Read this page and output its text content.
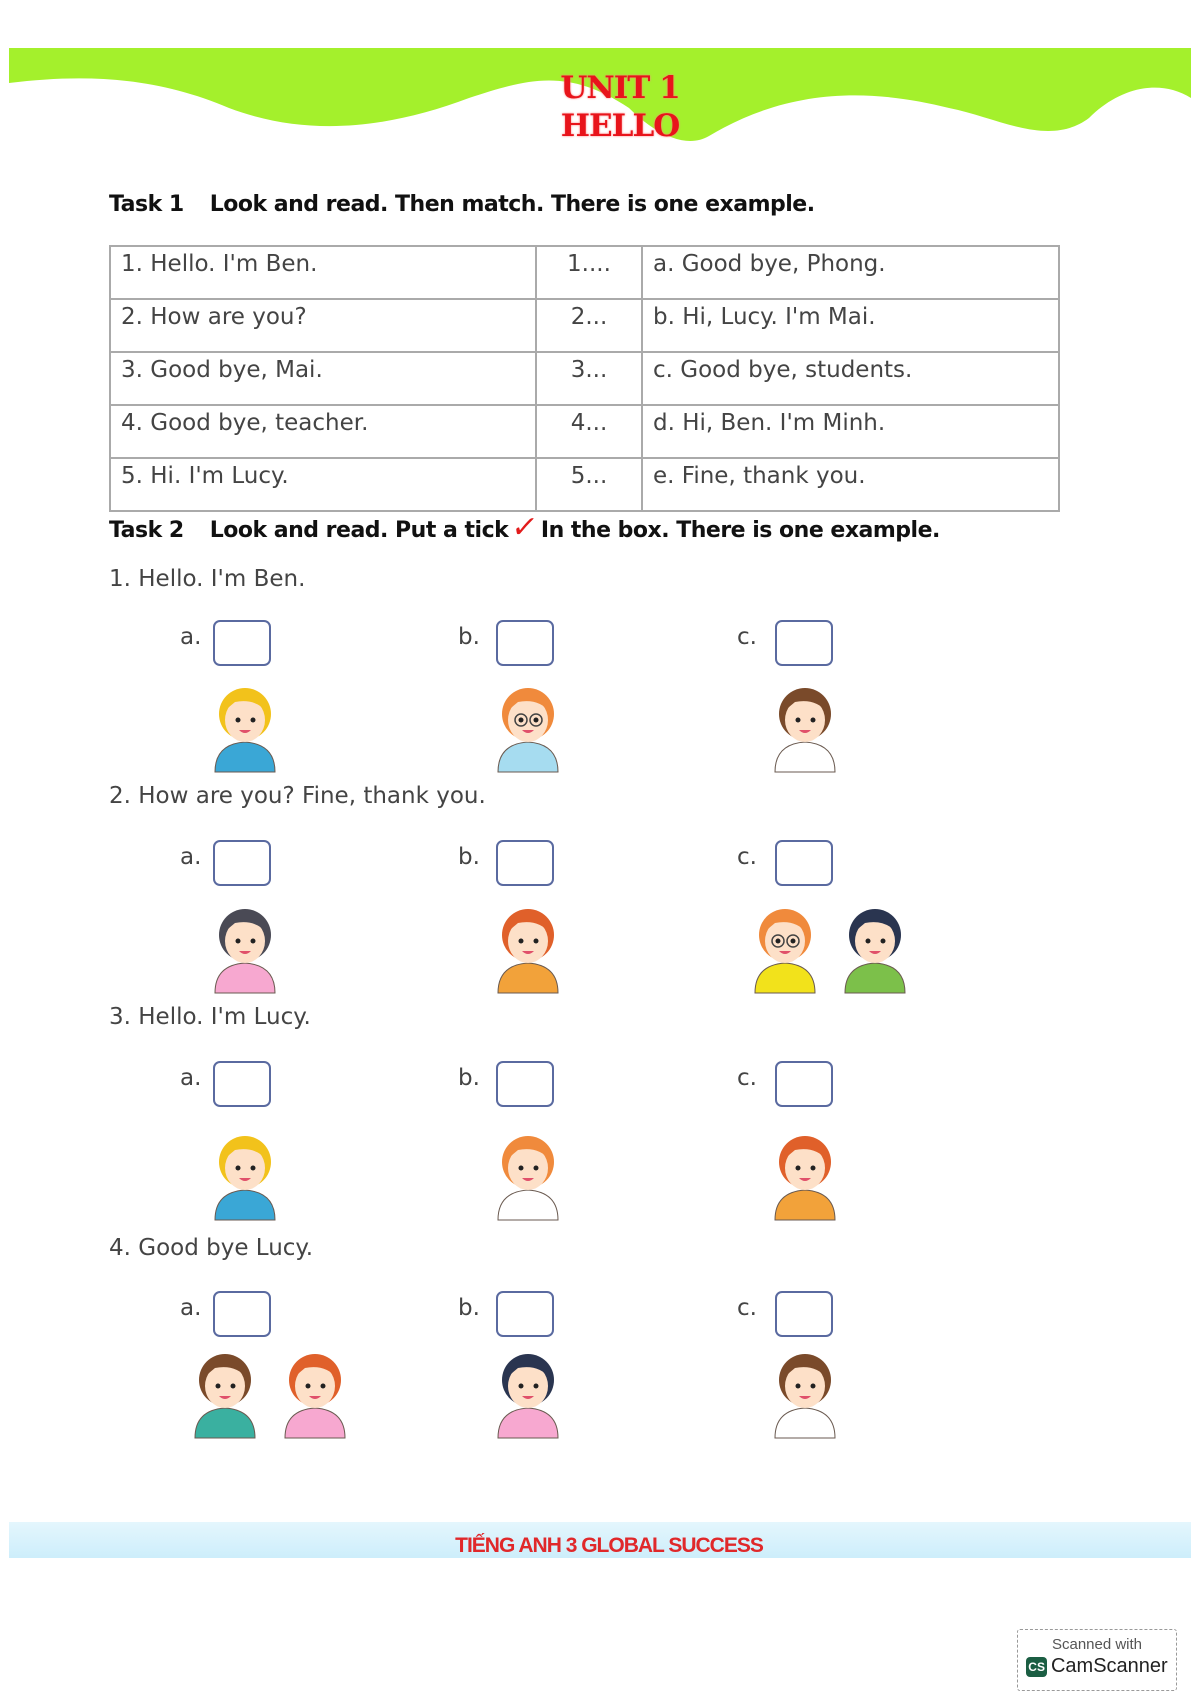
UNIT 1
HELLO
Task 1 Look and read. Then match. There is one example.
1. Hello. I'm Ben.	1....	a. Good bye, Phong.
2. How are you?	2...	b. Hi, Lucy. I'm Mai.
3. Good bye, Mai.	3...	c. Good bye, students.
4. Good bye, teacher.	4...	d. Hi, Ben. I'm Minh.
5. Hi. I'm Lucy.	5...	e. Fine, thank you.
Task 2 Look and read. Put a tick✓In the box. There is one example.
1. Hello. I'm Ben.
a.	b.	c.
2. How are you? Fine, thank you.
a.	b.	c.
3. Hello. I'm Lucy.
a.	b.	c.
4. Good bye Lucy.
a.	b.	c.
TIẾNG ANH 3 GLOBAL SUCCESS
Scanned with
CS CamScanner
